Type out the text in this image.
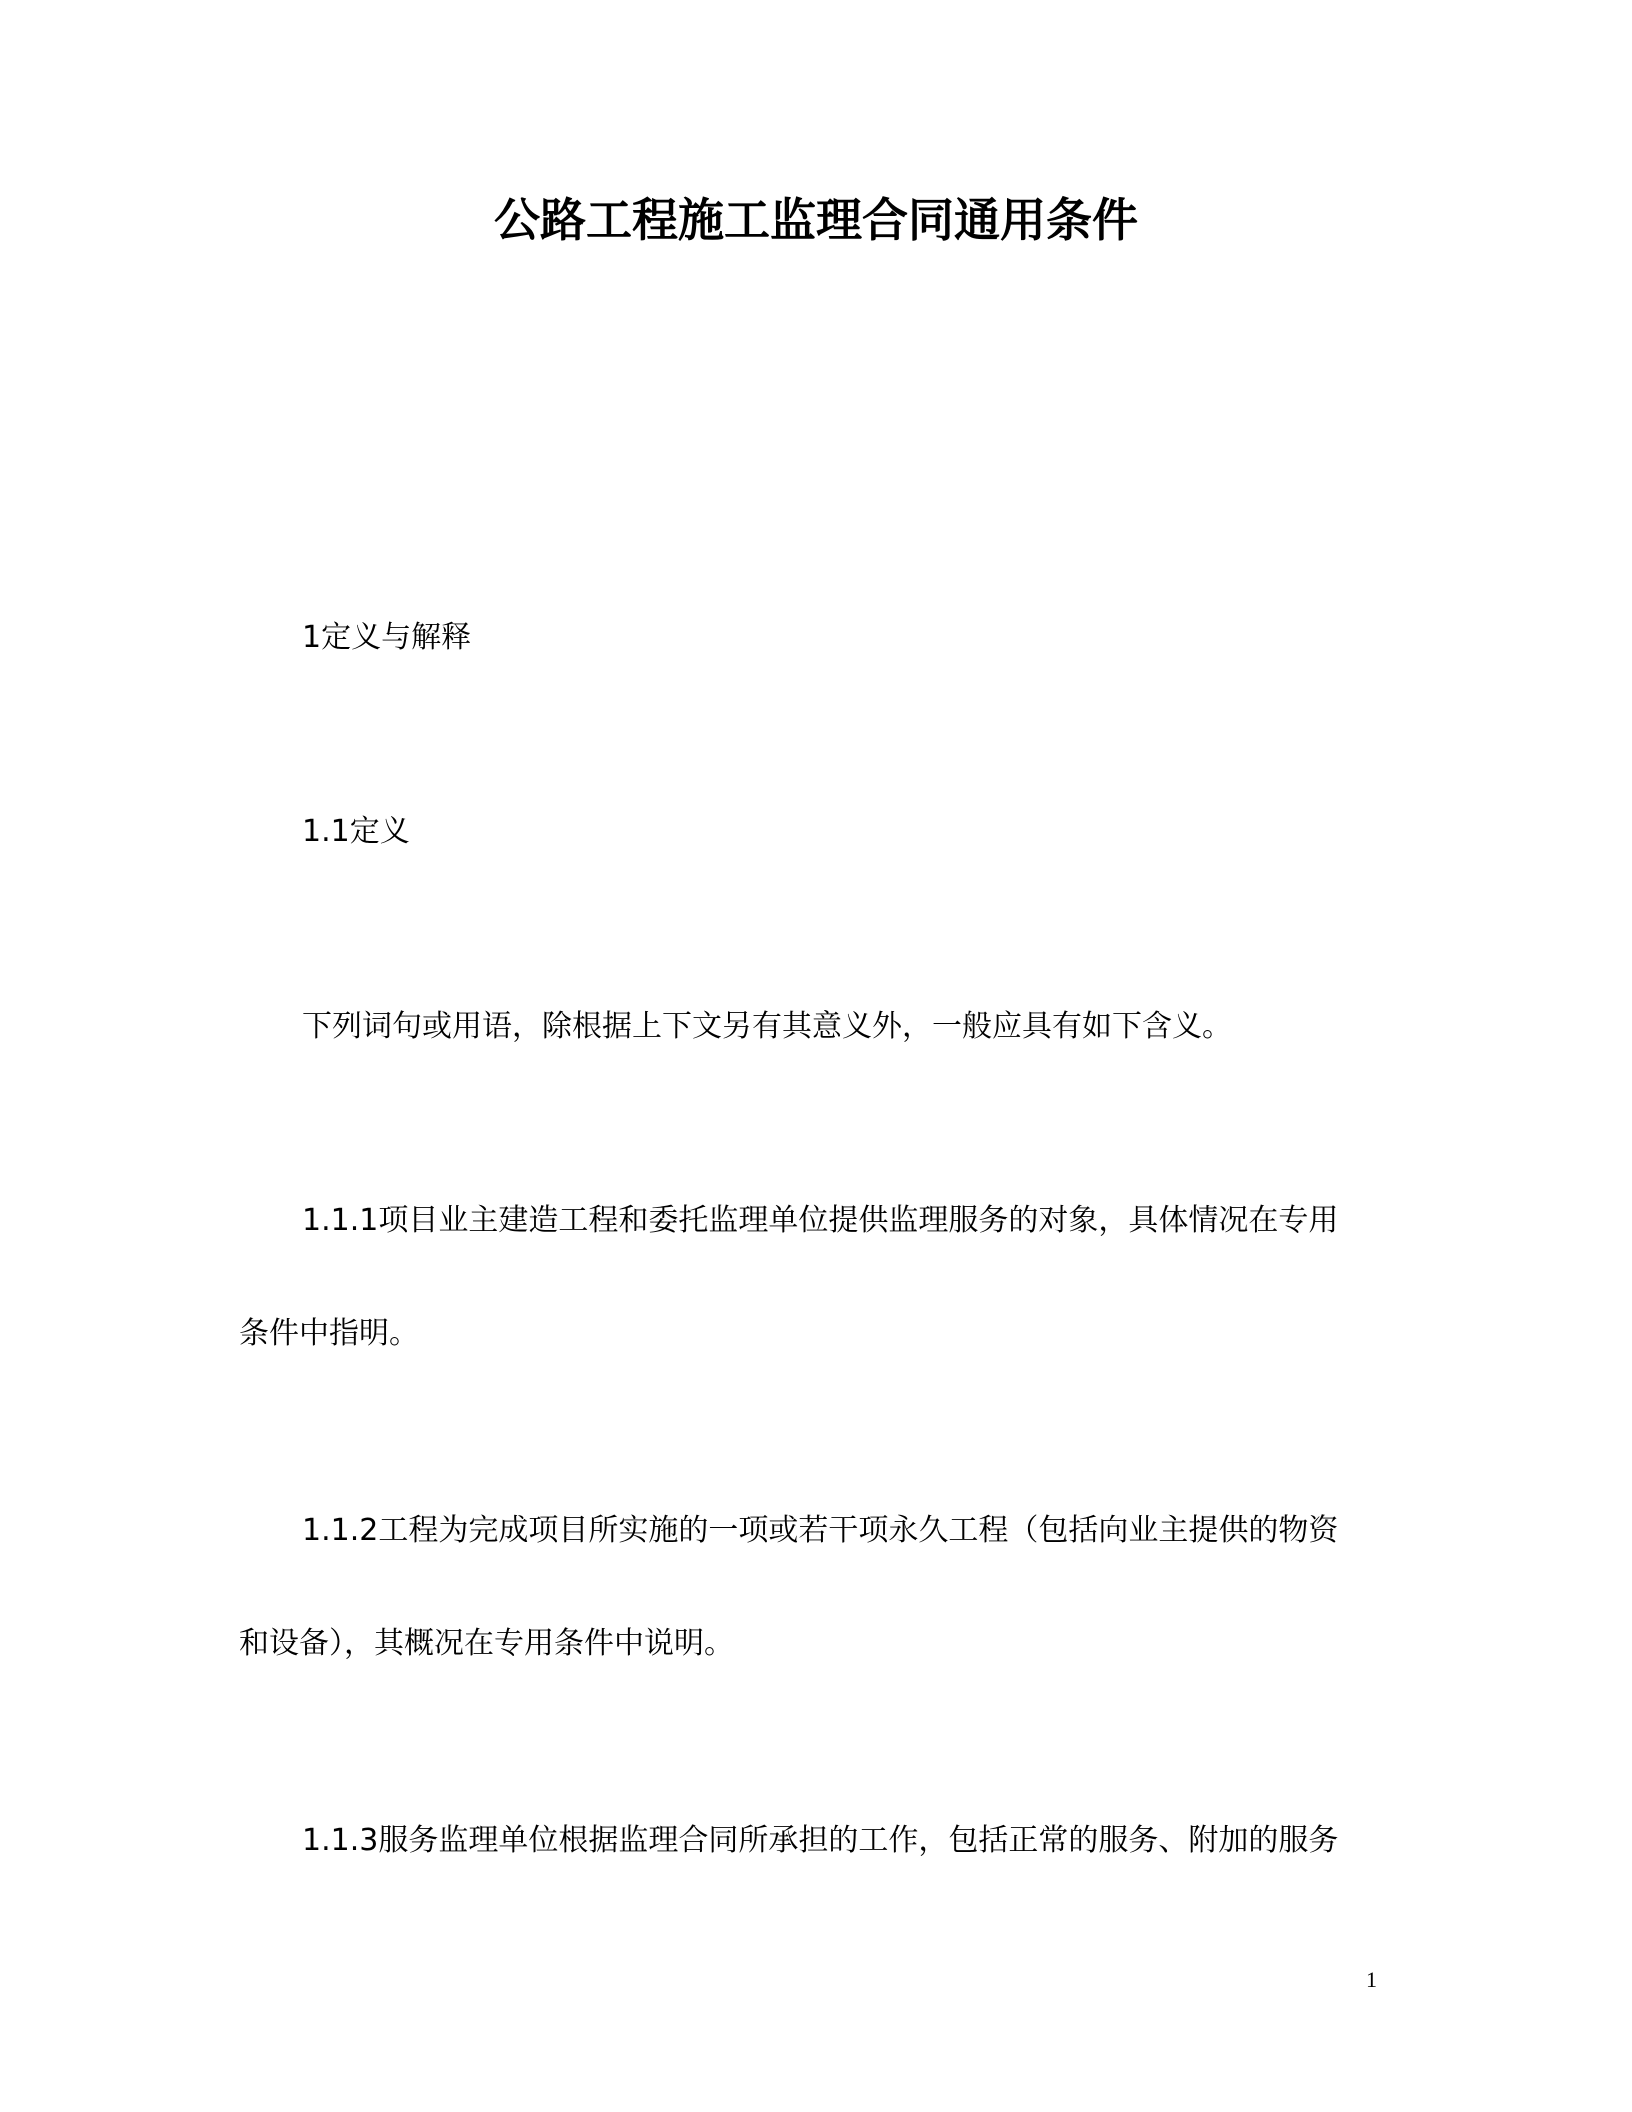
公路工程施工监理合同通用条件
1定义与解释
1.1定义
下列词句或用语，除根据上下文另有其意义外，一般应具有如下含义。
1.1.1项目业主建造工程和委托监理单位提供监理服务的对象，具体情况在专用
条件中指明。
1.1.2工程为完成项目所实施的一项或若干项永久工程（包括向业主提供的物资
和设备），其概况在专用条件中说明。
1.1.3服务监理单位根据监理合同所承担的工作，包括正常的服务、附加的服务
1
